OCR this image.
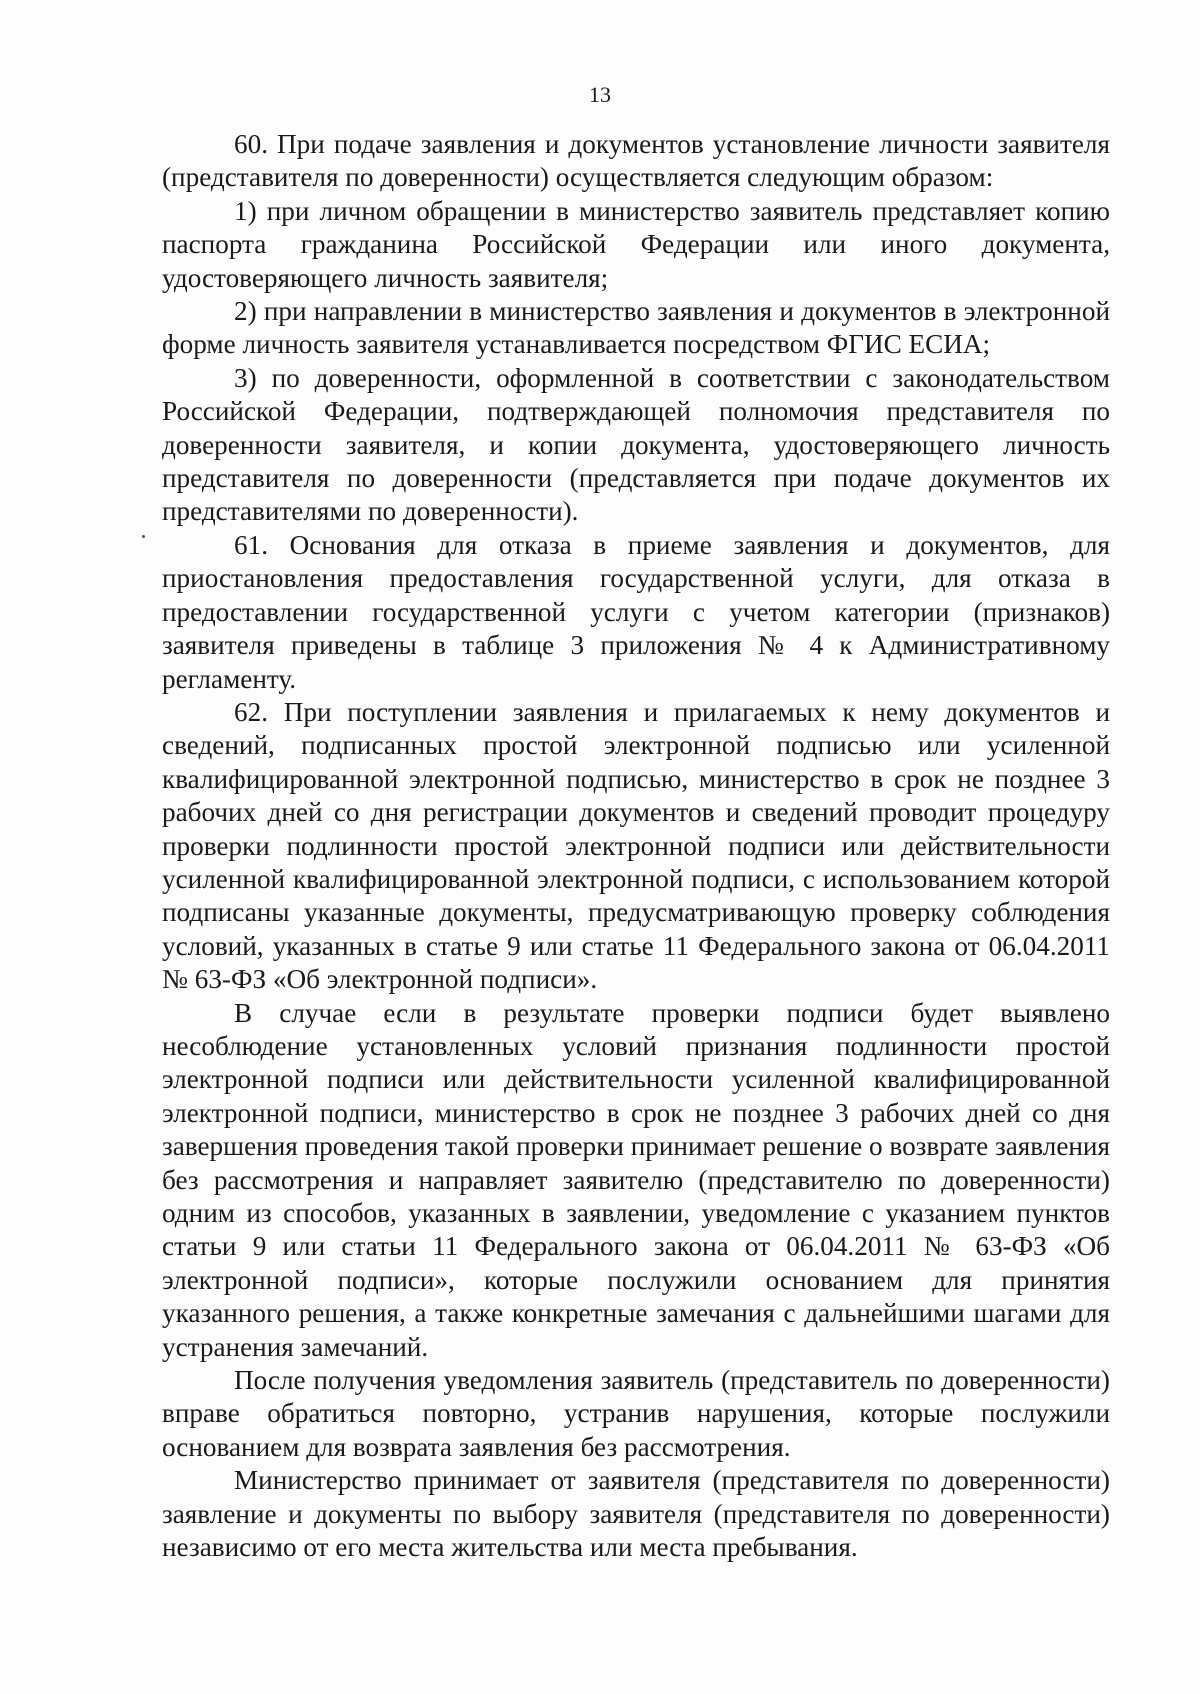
13

60. При подаче заявления и документов установление личности заявителя (представителя по доверенности) осуществляется следующим образом:

1) при личном обращении в министерство заявитель представляет копию паспорта гражданина Российской Федерации или иного документа, удостоверяющего личность заявителя;

2) при направлении в министерство заявления и документов в электронной форме личность заявителя устанавливается посредством ФГИС ЕСИА;

3) по доверенности, оформленной в соответствии с законодательством Российской Федерации, подтверждающей полномочия представителя по доверенности заявителя, и копии документа, удостоверяющего личность представителя по доверенности (представляется при подаче документов их представителями по доверенности).

61. Основания для отказа в приеме заявления и документов, для приостановления предоставления государственной услуги, для отказа в предоставлении государственной услуги с учетом категории (признаков) заявителя приведены в таблице 3 приложения № 4 к Административному регламенту.

62. При поступлении заявления и прилагаемых к нему документов и сведений, подписанных простой электронной подписью или усиленной квалифицированной электронной подписью, министерство в срок не позднее 3 рабочих дней со дня регистрации документов и сведений проводит процедуру проверки подлинности простой электронной подписи или действительности усиленной квалифицированной электронной подписи, с использованием которой подписаны указанные документы, предусматривающую проверку соблюдения условий, указанных в статье 9 или статье 11 Федерального закона от 06.04.2011 № 63-ФЗ «Об электронной подписи».

В случае если в результате проверки подписи будет выявлено несоблюдение установленных условий признания подлинности простой электронной подписи или действительности усиленной квалифицированной электронной подписи, министерство в срок не позднее 3 рабочих дней со дня завершения проведения такой проверки принимает решение о возврате заявления без рассмотрения и направляет заявителю (представителю по доверенности) одним из способов, указанных в заявлении, уведомление с указанием пунктов статьи 9 или статьи 11 Федерального закона от 06.04.2011 № 63-ФЗ «Об электронной подписи», которые послужили основанием для принятия указанного решения, а также конкретные замечания с дальнейшими шагами для устранения замечаний.

После получения уведомления заявитель (представитель по доверенности) вправе обратиться повторно, устранив нарушения, которые послужили основанием для возврата заявления без рассмотрения.

Министерство принимает от заявителя (представителя по доверенности) заявление и документы по выбору заявителя (представителя по доверенности) независимо от его места жительства или места пребывания.
